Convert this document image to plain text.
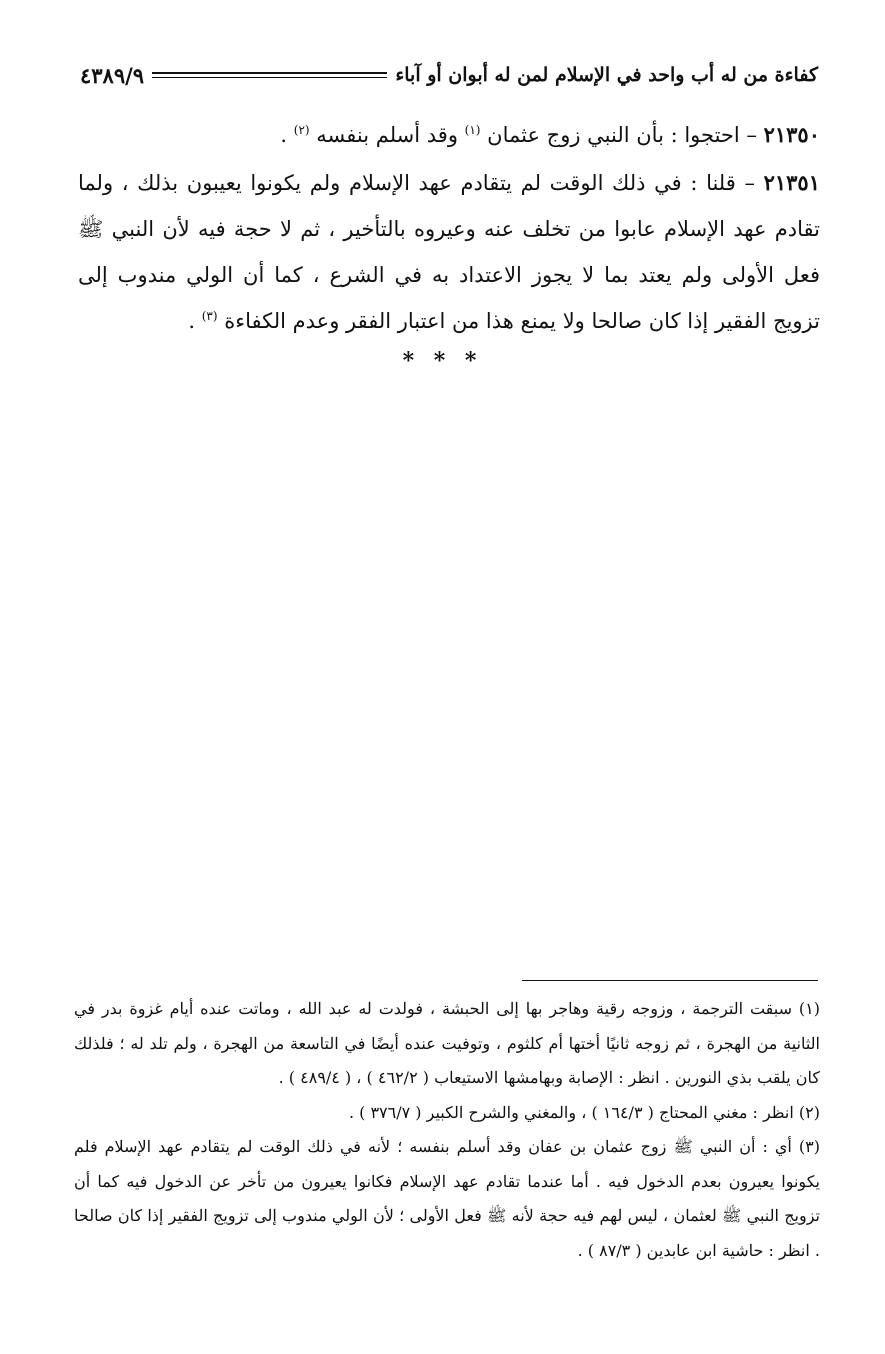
كفاءة من له أب واحد في الإسلام لمن له أبوان أو آباء
٤٣٨٩/٩

٢١٣٥٠ – احتجوا : بأن النبي زوج عثمان $^{(١)}$ وقد أسلم بنفسه $^{(٢)}$ .

٢١٣٥١ – قلنا : في ذلك الوقت لم يتقادم عهد الإسلام ولم يكونوا يعيبون بذلك ، ولما تقادم عهد الإسلام عابوا من تخلف عنه وعيروه بالتأخير ، ثم لا حجة فيه لأن النبي ﷺ فعل الأولى ولم يعتد بما لا يجوز الاعتداد به في الشرع ، كما أن الولي مندوب إلى تزويج الفقير إذا كان صالحا ولا يمنع هذا من اعتبار الفقر وعدم الكفاءة $^{(٣)}$ .

* * *

(١) سبقت الترجمة ، وزوجه رقية وهاجر بها إلى الحبشة ، فولدت له عبد الله ، وماتت عنده أيام غزوة بدر في الثانية من الهجرة ، ثم زوجه ثانيًا أختها أم كلثوم ، وتوفيت عنده أيضًا في التاسعة من الهجرة ، ولم تلد له ؛ فلذلك كان يلقب بذي النورين . انظر : الإصابة وبهامشها الاستيعاب ( ٤٦٢/٢ ) ، ( ٤٨٩/٤ ) .

(٢) انظر : مغني المحتاج ( ١٦٤/٣ ) ، والمغني والشرح الكبير ( ٣٧٦/٧ ) .

(٣) أي : أن النبي ﷺ زوج عثمان بن عفان وقد أسلم بنفسه ؛ لأنه في ذلك الوقت لم يتقادم عهد الإسلام فلم يكونوا يعيرون بعدم الدخول فيه . أما عندما تقادم عهد الإسلام فكانوا يعيرون من تأخر عن الدخول فيه كما أن تزويج النبي ﷺ لعثمان ، ليس لهم فيه حجة لأنه ﷺ فعل الأولى ؛ لأن الولي مندوب إلى تزويج الفقير إذا كان صالحا . انظر : حاشية ابن عابدين ( ٨٧/٣ ) .
